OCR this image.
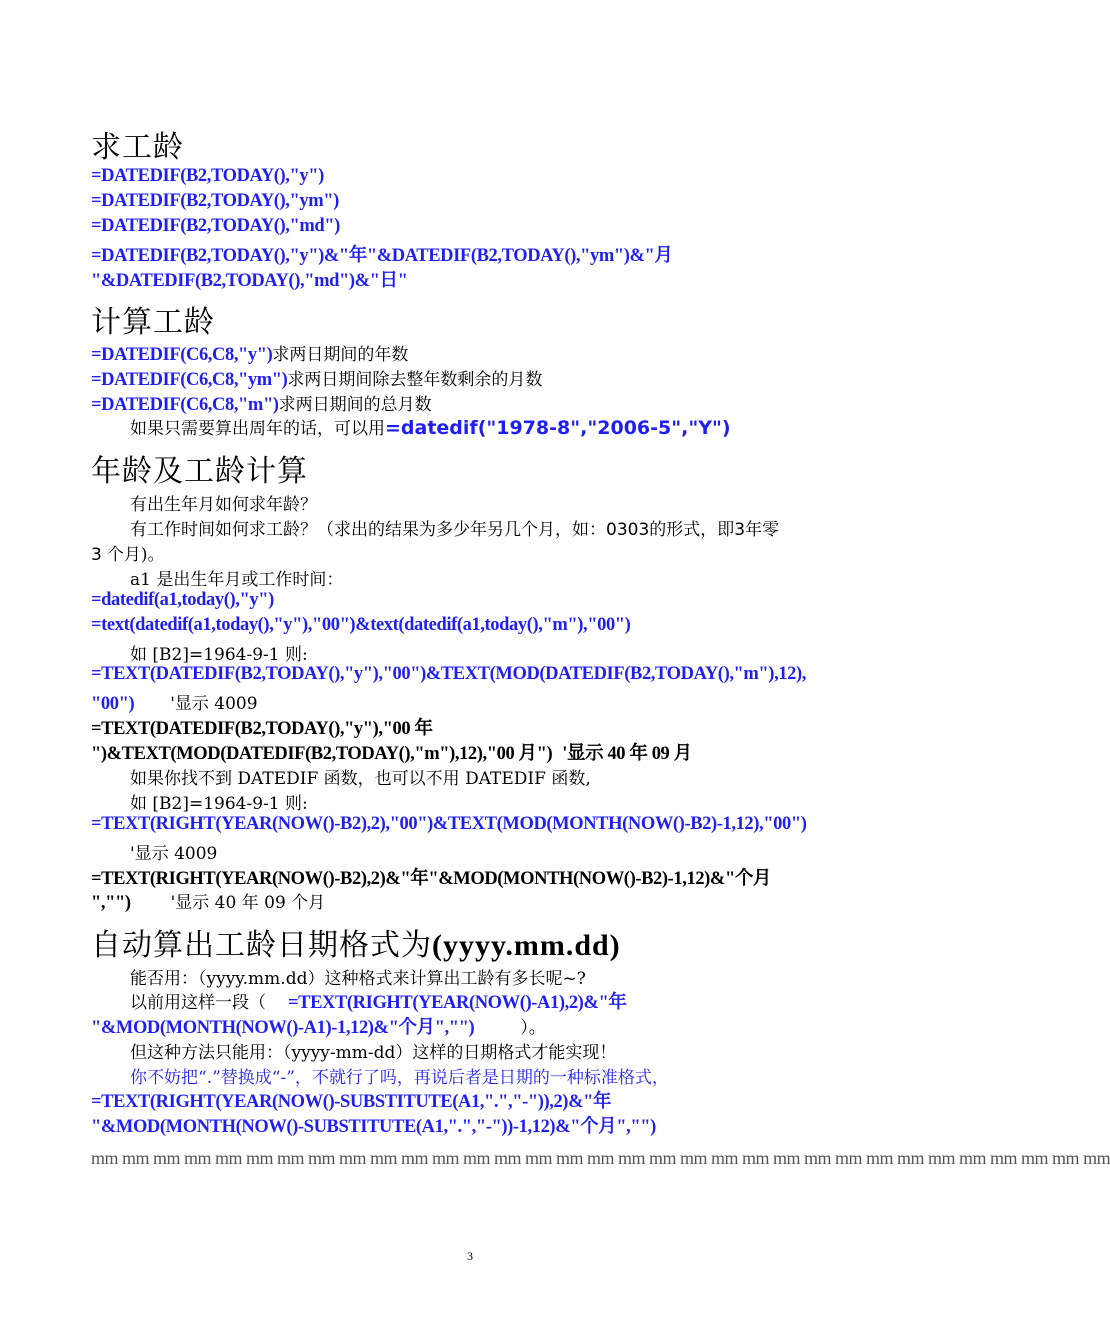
求工龄
=DATEDIF(B2,TODAY(),"y")
=DATEDIF(B2,TODAY(),"ym")
=DATEDIF(B2,TODAY(),"md")
=DATEDIF(B2,TODAY(),"y")&"年"&DATEDIF(B2,TODAY(),"ym")&"月
"&DATEDIF(B2,TODAY(),"md")&"日"
计算工龄
=DATEDIF(C6,C8,"y")求两日期间的年数
=DATEDIF(C6,C8,"ym")求两日期间除去整年数剩余的月数
=DATEDIF(C6,C8,"m")求两日期间的总月数
如果只需要算出周年的话，可以用=datedif("1978-8","2006-5","Y")
年龄及工龄计算
有出生年月如何求年龄？
有工作时间如何求工龄？（求出的结果为多少年另几个月，如：0303的形式，即3年零
3 个月)。
a1 是出生年月或工作时间：
=datedif(a1,today(),"y")
=text(datedif(a1,today(),"y"),"00")&text(datedif(a1,today(),"m"),"00")
如 [B2]=1964-9-1 则:
=TEXT(DATEDIF(B2,TODAY(),"y"),"00")&TEXT(MOD(DATEDIF(B2,TODAY(),"m"),12),
"00") '显示 4009
=TEXT(DATEDIF(B2,TODAY(),"y"),"00 年
")&TEXT(MOD(DATEDIF(B2,TODAY(),"m"),12),"00 月") '显示 40 年 09 月
如果你找不到 DATEDIF 函数，也可以不用 DATEDIF 函数,
如 [B2]=1964-9-1 则:
=TEXT(RIGHT(YEAR(NOW()-B2),2),"00")&TEXT(MOD(MONTH(NOW()-B2)-1,12),"00")
'显示 4009
=TEXT(RIGHT(YEAR(NOW()-B2),2)&"年"&MOD(MONTH(NOW()-B2)-1,12)&"个月
","") '显示 40 年 09 个月
自动算出工龄日期格式为(yyyy.mm.dd)
能否用：（yyyy.mm.dd）这种格式来计算出工龄有多长呢~?
以前用这样一段（ =TEXT(RIGHT(YEAR(NOW()-A1),2)&"年
"&MOD(MONTH(NOW()-A1)-1,12)&"个月","")	）。
但这种方法只能用：（yyyy-mm-dd）这样的日期格式才能实现！
你不妨把“.”替换成“-”，不就行了吗，再说后者是日期的一种标准格式，
=TEXT(RIGHT(YEAR(NOW()-SUBSTITUTE(A1,".","-")),2)&"年
"&MOD(MONTH(NOW()-SUBSTITUTE(A1,".","-"))-1,12)&"个月","")
mm mm mm mm mm mm mm mm mm mm mm mm mm mm mm mm mm mm mm mm mm mm mm mm mm mm mm mm mm mm mm mm mm
3
